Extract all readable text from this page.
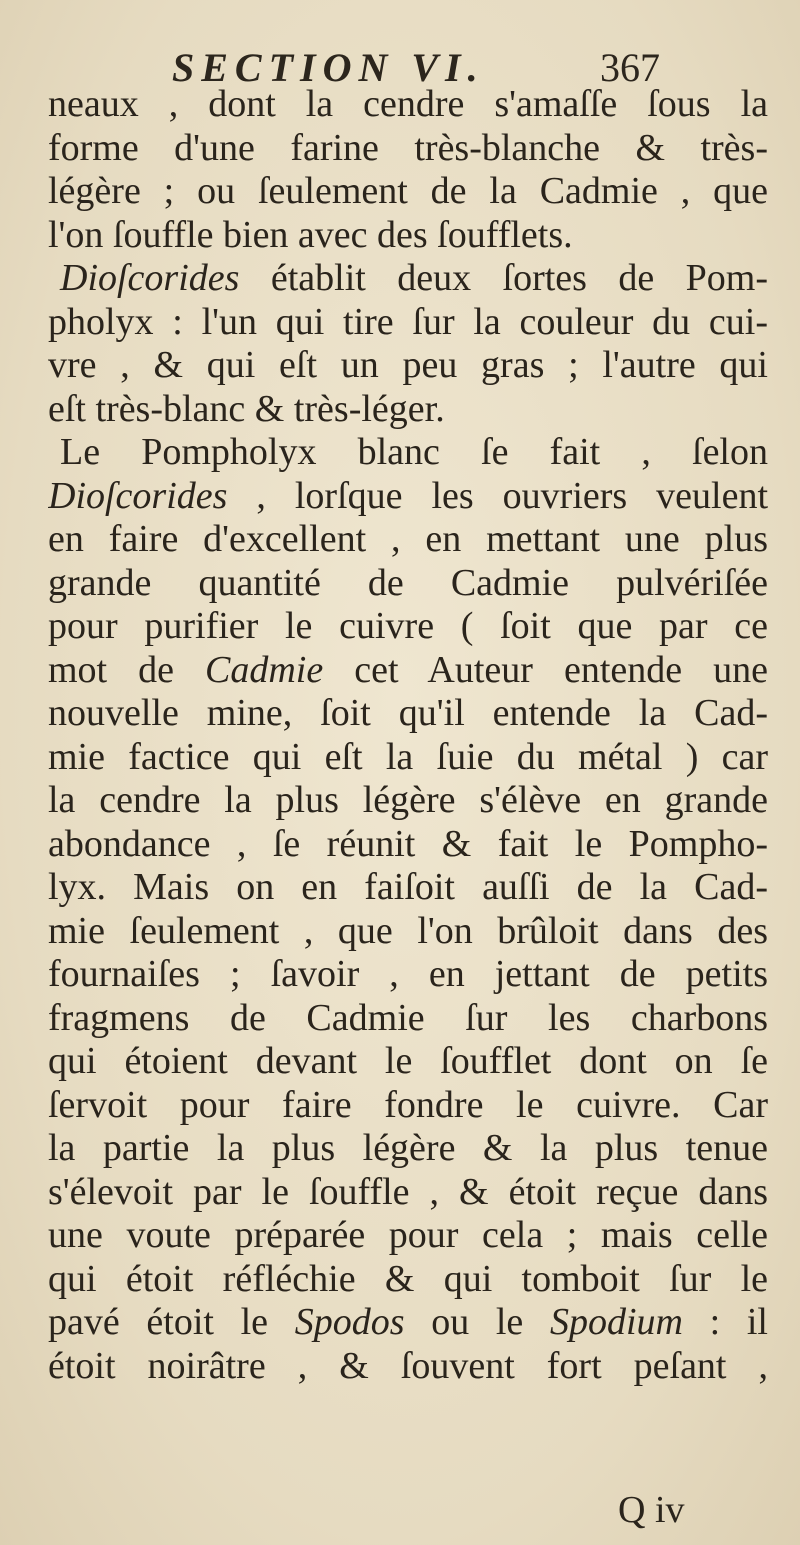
SECTION VI.	367
neaux , dont la cendre s'amaſſe ſous la
forme d'une farine très-blanche & très-
légère ; ou ſeulement de la Cadmie , que
l'on ſouffle bien avec des ſoufflets.
Dioſcorides établit deux ſortes de Pom-
pholyx : l'un qui tire ſur la couleur du cui-
vre , & qui eſt un peu gras ; l'autre qui
eſt très-blanc & très-léger.
Le Pompholyx blanc ſe fait , ſelon
Dioſcorides , lorſque les ouvriers veulent
en faire d'excellent , en mettant une plus
grande quantité de Cadmie pulvériſée
pour purifier le cuivre ( ſoit que par ce
mot de Cadmie cet Auteur entende une
nouvelle mine, ſoit qu'il entende la Cad-
mie factice qui eſt la ſuie du métal ) car
la cendre la plus légère s'élève en grande
abondance , ſe réunit & fait le Pompho-
lyx. Mais on en faiſoit auſſi de la Cad-
mie ſeulement , que l'on brûloit dans des
fournaiſes ; ſavoir , en jettant de petits
fragmens de Cadmie ſur les charbons
qui étoient devant le ſoufflet dont on ſe
ſervoit pour faire fondre le cuivre. Car
la partie la plus légère & la plus tenue
s'élevoit par le ſouffle , & étoit reçue dans
une voute préparée pour cela ; mais celle
qui étoit réfléchie & qui tomboit ſur le
pavé étoit le Spodos ou le Spodium : il
étoit noirâtre , & ſouvent fort peſant ,
Q iv
